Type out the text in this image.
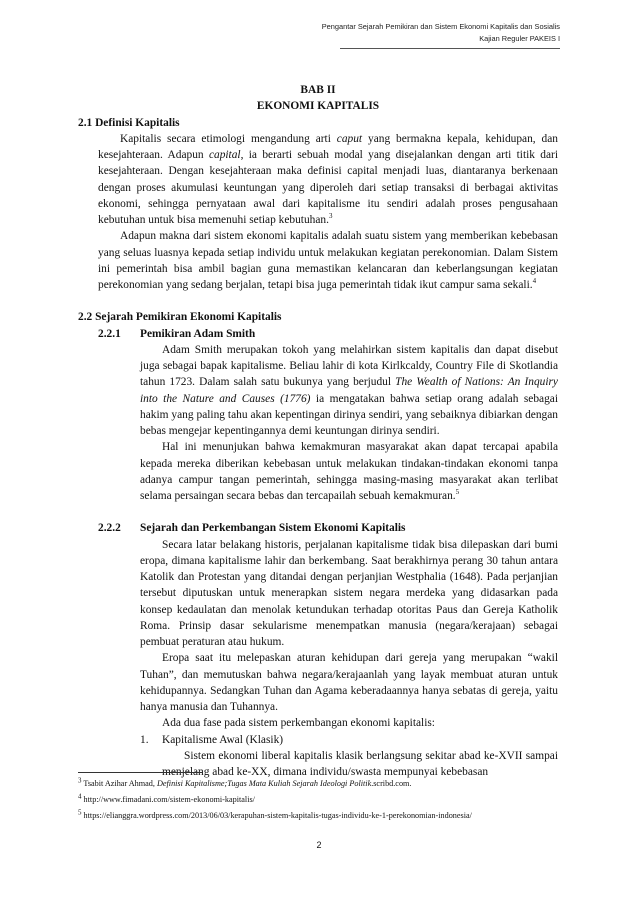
Pengantar Sejarah Pemikiran dan Sistem Ekonomi Kapitalis dan Sosialis
Kajian Reguler PAKEIS I
BAB II
EKONOMI KAPITALIS
2.1 Definisi Kapitalis

Kapitalis secara etimologi mengandung arti caput yang bermakna kepala, kehidupan, dan kesejahteraan. Adapun capital, ia berarti sebuah modal yang disejalankan dengan arti titik dari kesejahteraan. Dengan kesejahteraan maka definisi capital menjadi luas, diantaranya berkenaan dengan proses akumulasi keuntungan yang diperoleh dari setiap transaksi di berbagai aktivitas ekonomi, sehingga pernyataan awal dari kapitalisme itu sendiri adalah proses pengusahaan kebutuhan untuk bisa memenuhi setiap kebutuhan.$^3$

Adapun makna dari sistem ekonomi kapitalis adalah suatu sistem yang memberikan kebebasan yang seluas luasnya kepada setiap individu untuk melakukan kegiatan perekonomian. Dalam Sistem ini pemerintah bisa ambil bagian guna memastikan kelancaran dan keberlangsungan kegiatan perekonomian yang sedang berjalan, tetapi bisa juga pemerintah tidak ikut campur sama sekali.$^4$

2.2 Sejarah Pemikiran Ekonomi Kapitalis
2.2.1	Pemikiran Adam Smith

Adam Smith merupakan tokoh yang melahirkan sistem kapitalis dan dapat disebut juga sebagai bapak kapitalisme. Beliau lahir di kota Kirlkcaldy, Country File di Skotlandia tahun 1723. Dalam salah satu bukunya yang berjudul The Wealth of Nations: An Inquiry into the Nature and Causes (1776) ia mengatakan bahwa setiap orang adalah sebagai hakim yang paling tahu akan kepentingan dirinya sendiri, yang sebaiknya dibiarkan dengan bebas mengejar kepentingannya demi keuntungan dirinya sendiri.

Hal ini menunjukan bahwa kemakmuran masyarakat akan dapat tercapai apabila kepada mereka diberikan kebebasan untuk melakukan tindakan-tindakan ekonomi tanpa adanya campur tangan pemerintah, sehingga masing-masing masyarakat akan terlibat selama persaingan secara bebas dan tercapailah sebuah kemakmuran.$^5$

2.2.2	Sejarah dan Perkembangan Sistem Ekonomi Kapitalis

Secara latar belakang historis, perjalanan kapitalisme tidak bisa dilepaskan dari bumi eropa, dimana kapitalisme lahir dan berkembang. Saat berakhirnya perang 30 tahun antara Katolik dan Protestan yang ditandai dengan perjanjian Westphalia (1648). Pada perjanjian tersebut diputuskan untuk menerapkan sistem negara merdeka yang didasarkan pada konsep kedaulatan dan menolak ketundukan terhadap otoritas Paus dan Gereja Katholik Roma. Prinsip dasar sekularisme menempatkan manusia (negara/kerajaan) sebagai pembuat peraturan atau hukum.

Eropa saat itu melepaskan aturan kehidupan dari gereja yang merupakan “wakil Tuhan”, dan memutuskan bahwa negara/kerajaanlah yang layak membuat aturan untuk kehidupannya. Sedangkan Tuhan dan Agama keberadaannya hanya sebatas di gereja, yaitu hanya manusia dan Tuhannya.

Ada dua fase pada sistem perkembangan ekonomi kapitalis:

1.	Kapitalisme Awal (Klasik)

Sistem ekonomi liberal kapitalis klasik berlangsung sekitar abad ke-XVII sampai menjelang abad ke-XX, dimana individu/swasta mempunyai kebebasan

$^3$ Tsabit Azihar Ahmad, Definisi Kapitalisme;Tugas Mata Kuliah Sejarah Ideologi Politik.scribd.com.
$^4$ http://www.fimadani.com/sistem-ekonomi-kapitalis/
$^5$ https://elianggra.wordpress.com/2013/06/03/kerapuhan-sistem-kapitalis-tugas-individu-ke-1-perekonomian-indonesia/
2
